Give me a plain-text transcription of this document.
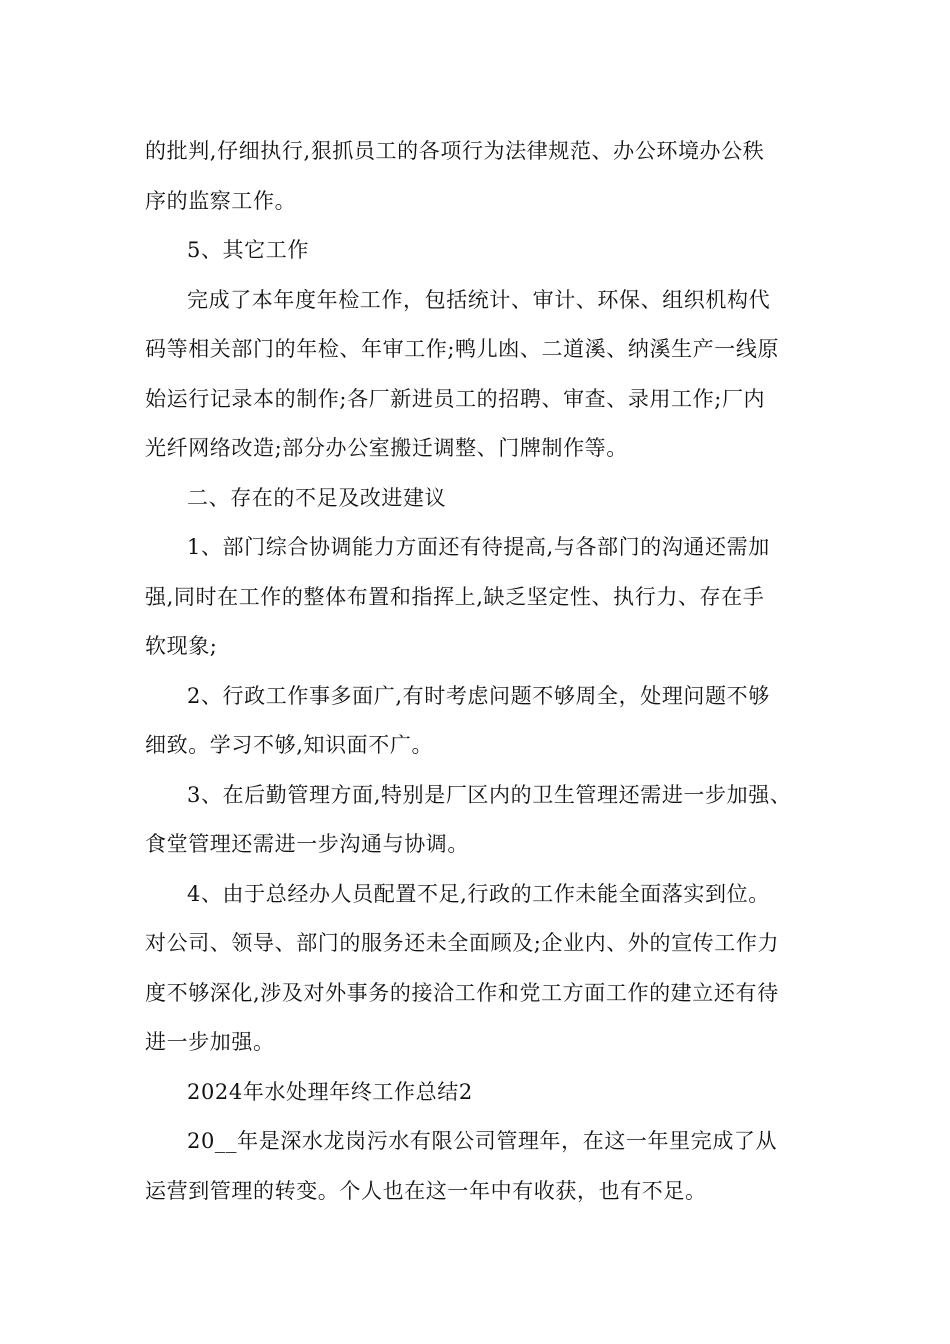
的批判,仔细执行,狠抓员工的各项行为法律规范、办公环境办公秩
序的监察工作。
5、其它工作
完成了本年度年检工作，包括统计、审计、环保、组织机构代
码等相关部门的年检、年审工作;鸭儿凼、二道溪、纳溪生产一线原
始运行记录本的制作;各厂新进员工的招聘、审查、录用工作;厂内
光纤网络改造;部分办公室搬迁调整、门牌制作等。
二、存在的不足及改进建议
1、部门综合协调能力方面还有待提高,与各部门的沟通还需加
强,同时在工作的整体布置和指挥上,缺乏坚定性、执行力、存在手
软现象;
2、行政工作事多面广,有时考虑问题不够周全，处理问题不够
细致。学习不够,知识面不广。
3、在后勤管理方面,特别是厂区内的卫生管理还需进一步加强、
食堂管理还需进一步沟通与协调。
4、由于总经办人员配置不足,行政的工作未能全面落实到位。
对公司、领导、部门的服务还未全面顾及;企业内、外的宣传工作力
度不够深化,涉及对外事务的接洽工作和党工方面工作的建立还有待
进一步加强。
2024年水处理年终工作总结2
20__年是深水龙岗污水有限公司管理年，在这一年里完成了从
运营到管理的转变。个人也在这一年中有收获，也有不足。
